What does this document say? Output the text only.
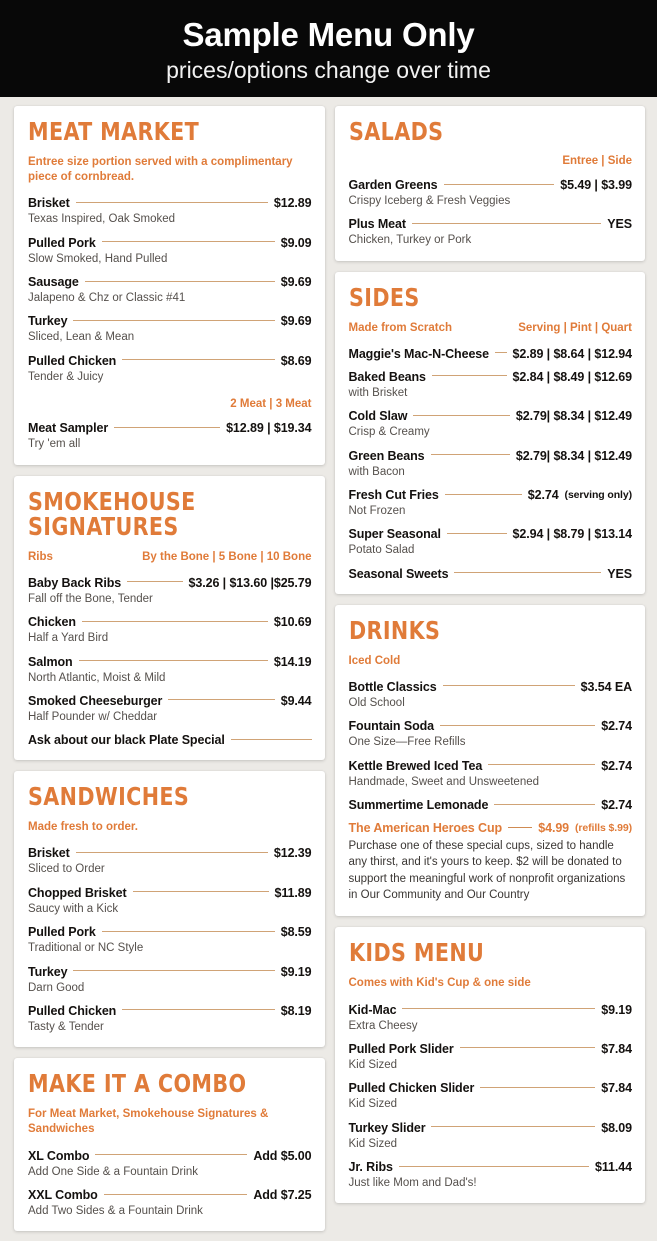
Sample Menu Only
prices/options change over time
MEAT MARKET
Entree size portion served with a complimentary piece of cornbread.
Brisket	$12.89
Texas Inspired, Oak Smoked
Pulled Pork	$9.09
Slow Smoked, Hand Pulled
Sausage	$9.69
Jalapeno & Chz or Classic #41
Turkey	$9.69
Sliced, Lean & Mean
Pulled Chicken	$8.69
Tender & Juicy
2 Meat | 3 Meat
Meat Sampler	$12.89 | $19.34
Try 'em all
SMOKEHOUSE SIGNATURES
Ribs	By the Bone | 5 Bone | 10 Bone
Baby Back Ribs	$3.26 | $13.60 |$25.79
Fall off the Bone, Tender
Chicken	$10.69
Half a Yard Bird
Salmon	$14.19
North Atlantic, Moist & Mild
Smoked Cheeseburger	$9.44
Half Pounder w/ Cheddar
Ask about our black Plate Special
SANDWICHES
Made fresh to order.
Brisket	$12.39
Sliced to Order
Chopped Brisket	$11.89
Saucy with a Kick
Pulled Pork	$8.59
Traditional or NC Style
Turkey	$9.19
Darn Good
Pulled Chicken	$8.19
Tasty & Tender
MAKE IT A COMBO
For Meat Market, Smokehouse Signatures & Sandwiches
XL Combo	Add $5.00
Add One Side & a Fountain Drink
XXL Combo	Add $7.25
Add Two Sides & a Fountain Drink
SALADS
Entree | Side
Garden Greens	$5.49 | $3.99
Crispy Iceberg & Fresh Veggies
Plus Meat	YES
Chicken, Turkey or Pork
SIDES
Made from Scratch	Serving | Pint | Quart
Maggie's Mac-N-Cheese $2.89 | $8.64 | $12.94
Baked Beans	$2.84 | $8.49 | $12.69
with Brisket
Cold Slaw	$2.79| $8.34 | $12.49
Crisp & Creamy
Green Beans	$2.79| $8.34 | $12.49
with Bacon
Fresh Cut Fries	$2.74 (serving only)
Not Frozen
Super Seasonal	$2.94 | $8.79 | $13.14
Potato Salad
Seasonal Sweets	YES
DRINKS
Iced Cold
Bottle Classics	$3.54 EA
Old School
Fountain Soda	$2.74
One Size—Free Refills
Kettle Brewed Iced Tea	$2.74
Handmade, Sweet and Unsweetened
Summertime Lemonade	$2.74
The American Heroes Cup	$4.99 (refills $.99)
Purchase one of these special cups, sized to handle any thirst, and it's yours to keep. $2 will be donated to support the meaningful work of nonprofit organizations in Our Community and Our Country
KIDS MENU
Comes with Kid's Cup & one side
Kid-Mac	$9.19
Extra Cheesy
Pulled Pork Slider	$7.84
Kid Sized
Pulled Chicken Slider	$7.84
Kid Sized
Turkey Slider	$8.09
Kid Sized
Jr. Ribs	$11.44
Just like Mom and Dad's!
